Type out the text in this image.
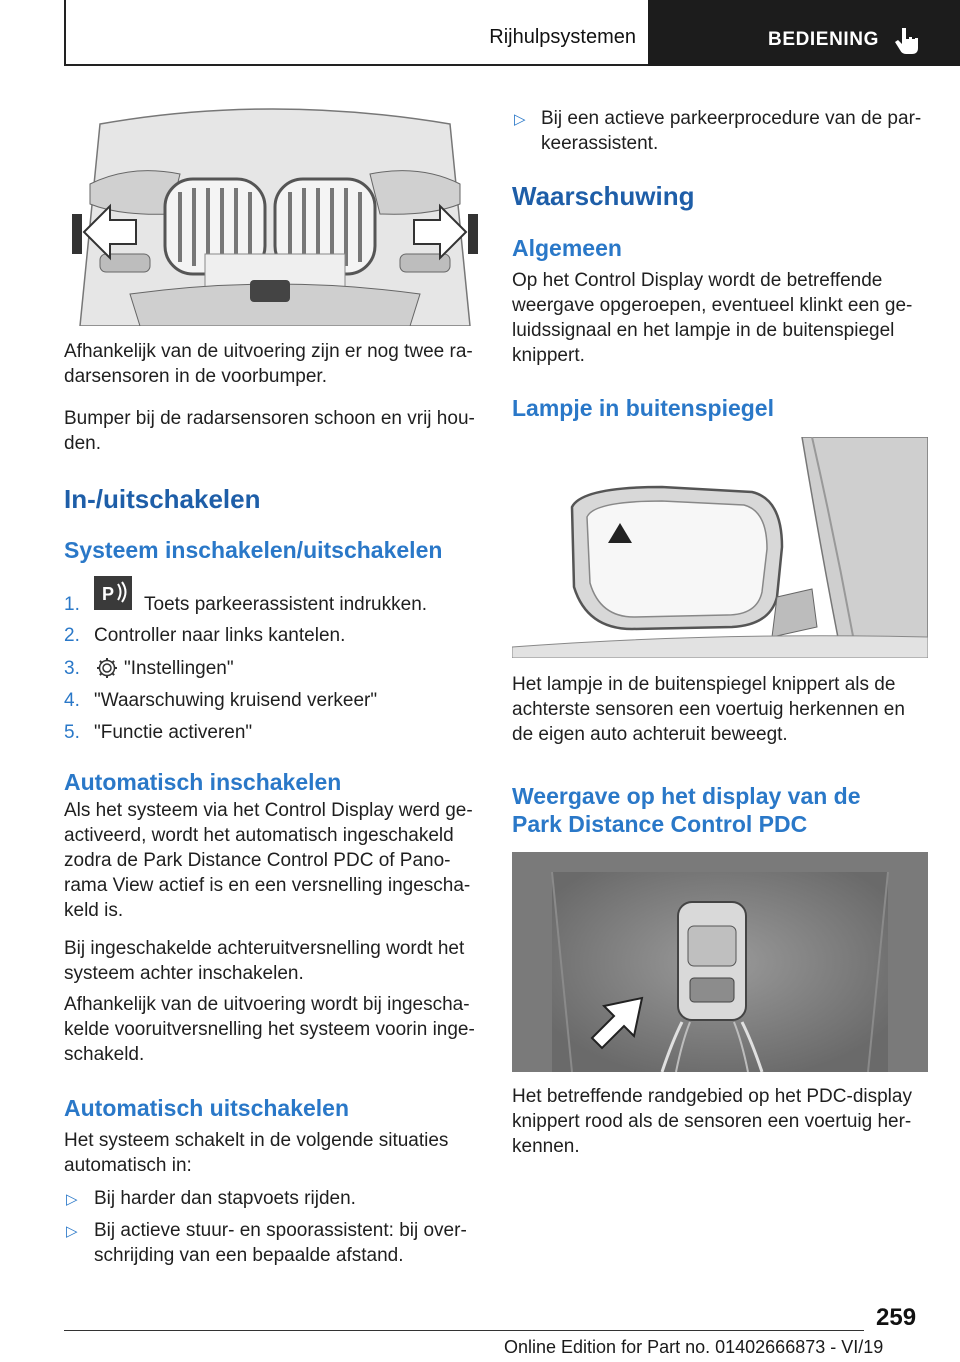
Rijhulpsystemen	BEDIENING

Afhankelijk van de uitvoering zijn er nog twee ra-

darsensoren in de voorbumper.

Bumper bij de radarsensoren schoon en vrij hou-

den.

In-/uitschakelen
Systeem inschakelen/uitschakelen
1. P Toets parkeerassistent indrukken.
2. Controller naar links kantelen.
3. "Instellingen"
4. "Waarschuwing kruisend verkeer"
5. "Functie activeren"
Automatisch inschakelen

Als het systeem via het Control Display werd ge-

activeerd, wordt het automatisch ingeschakeld

zodra de Park Distance Control PDC of Pano-

rama View actief is en een versnelling ingescha-

keld is.

Bij ingeschakelde achteruitversnelling wordt het

systeem achter inschakelen.

Afhankelijk van de uitvoering wordt bij ingescha-

kelde vooruitversnelling het systeem voorin inge-

schakeld.

Automatisch uitschakelen

Het systeem schakelt in de volgende situaties

automatisch in:

▷ Bij harder dan stapvoets rijden.
▷ Bij actieve stuur- en spoorassistent: bij over-
schrijding van een bepaalde afstand.
▷ Bij een actieve parkeerprocedure van de par-
keerassistent.
Waarschuwing
Algemeen

Op het Control Display wordt de betreffende

weergave opgeroepen, eventueel klinkt een ge-

luidssignaal en het lampje in de buitenspiegel

knippert.

Lampje in buitenspiegel

Het lampje in de buitenspiegel knippert als de

achterste sensoren een voertuig herkennen en

de eigen auto achteruit beweegt.

Weergave op het display van de
Park Distance Control PDC

Het betreffende randgebied op het PDC-display

knippert rood als de sensoren een voertuig her-

kennen.

259
Online Edition for Part no. 01402666873 - VI/19
